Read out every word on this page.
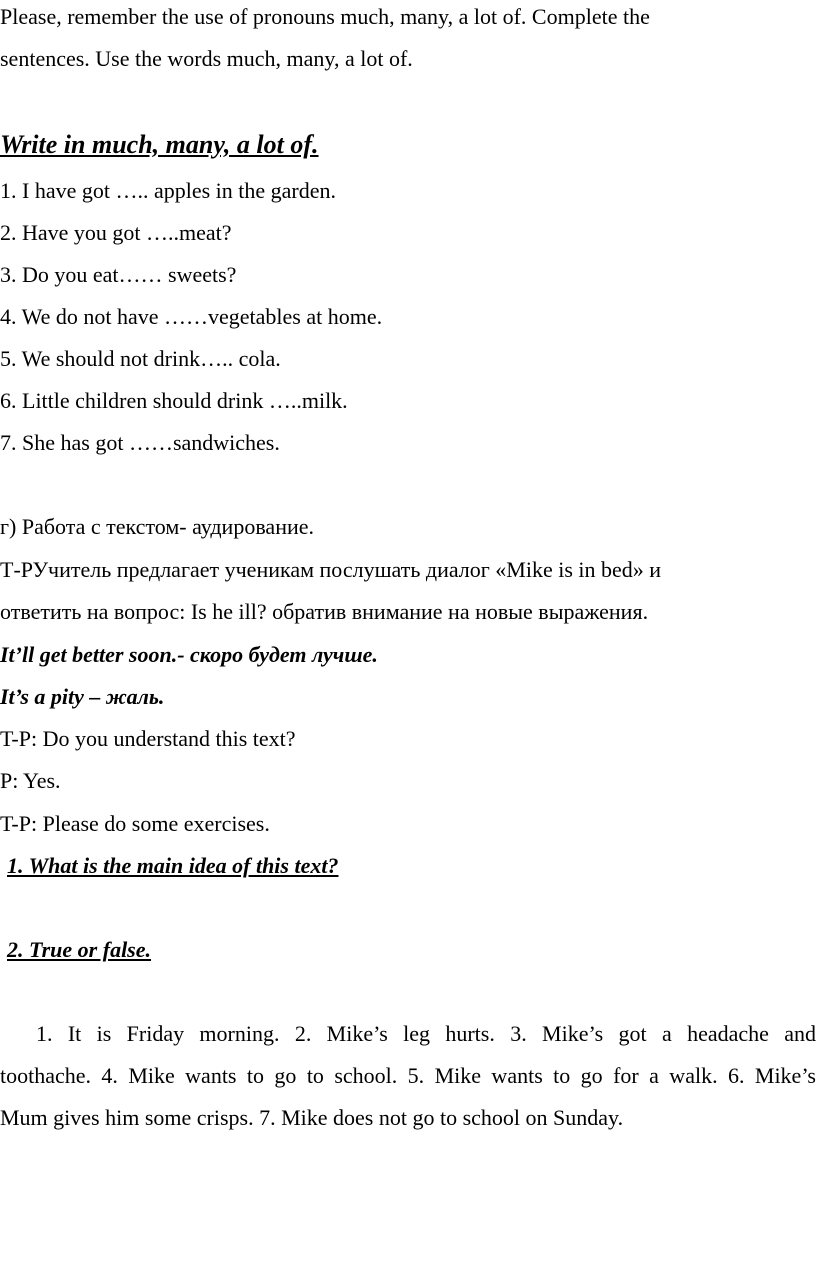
Please, remember the use of pronouns much, many, a lot of. Complete the
sentences. Use the words much, many, a lot of.
Write in much, many, a lot of.
1. I have got ….. apples in the garden.
2. Have you got …..meat?
3. Do you eat…… sweets?
4. We do not have ……vegetables at home.
5. We should not drink….. cola.
6. Little children should drink …..milk.
7. She has got ……sandwiches.
г) Работа с текстом- аудирование.
Т-РУчитель предлагает ученикам послушать диалог «Mike is in bed» и
ответить на вопрос: Is he ill? обратив внимание на новые выражения.
It’ll get better soon.- скоро будет лучше.
It’s a pity – жаль.
T-P: Do you understand this text?
P: Yes.
T-P: Please do some exercises.
1. What is the main idea of this text?
2. True or false.
1. It is Friday morning. 2. Mike’s leg hurts. 3. Mike’s got a headache and
toothache. 4. Mike wants to go to school. 5. Mike wants to go for a walk. 6. Mike’s
Mum gives him some crisps. 7. Mike does not go to school on Sunday.
